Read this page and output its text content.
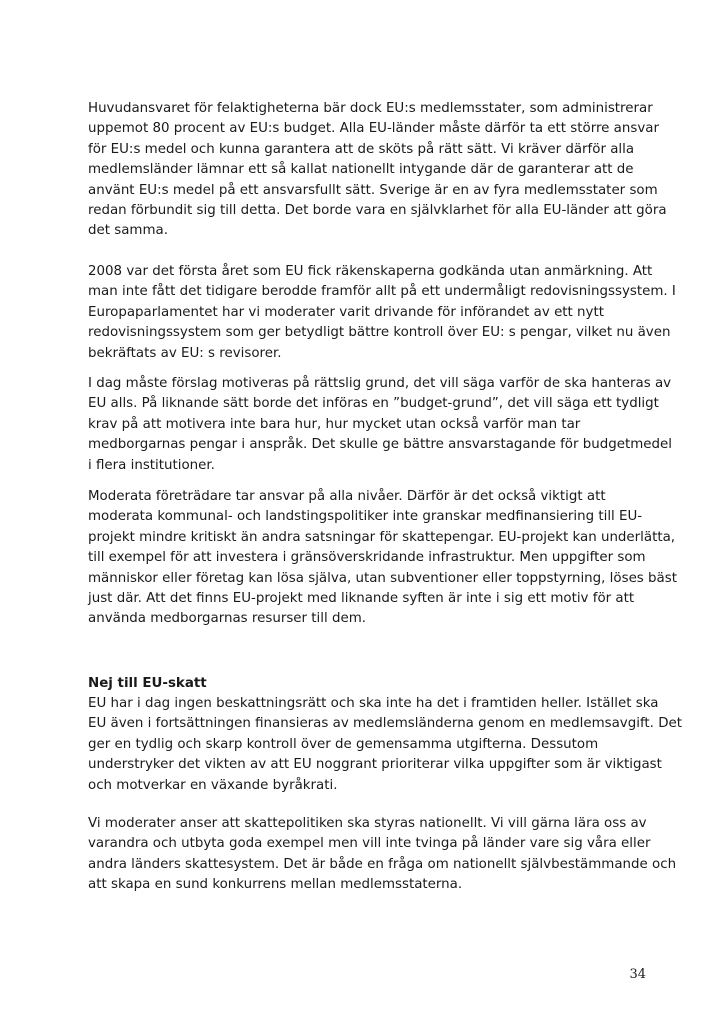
Huvudansvaret för felaktigheterna bär dock EU:s medlemsstater, som administrerar
uppemot 80 procent av EU:s budget. Alla EU-länder måste därför ta ett större ansvar
för EU:s medel och kunna garantera att de sköts på rätt sätt. Vi kräver därför alla
medlemsländer lämnar ett så kallat nationellt intygande där de garanterar att de
använt EU:s medel på ett ansvarsfullt sätt. Sverige är en av fyra medlemsstater som
redan förbundit sig till detta. Det borde vara en självklarhet för alla EU-länder att göra
det samma.

2008 var det första året som EU fick räkenskaperna godkända utan anmärkning. Att
man inte fått det tidigare berodde framför allt på ett undermåligt redovisningssystem. I
Europaparlamentet har vi moderater varit drivande för införandet av ett nytt
redovisningssystem som ger betydligt bättre kontroll över EU: s pengar, vilket nu även
bekräftats av EU: s revisorer.

I dag måste förslag motiveras på rättslig grund, det vill säga varför de ska hanteras av
EU alls. På liknande sätt borde det införas en ”budget-grund”, det vill säga ett tydligt
krav på att motivera inte bara hur, hur mycket utan också varför man tar
medborgarnas pengar i anspråk. Det skulle ge bättre ansvarstagande för budgetmedel
i flera institutioner.

Moderata företrädare tar ansvar på alla nivåer. Därför är det också viktigt att
moderata kommunal- och landstingspolitiker inte granskar medfinansiering till EU-
projekt mindre kritiskt än andra satsningar för skattepengar. EU-projekt kan underlätta,
till exempel för att investera i gränsöverskridande infrastruktur. Men uppgifter som
människor eller företag kan lösa själva, utan subventioner eller toppstyrning, löses bäst
just där. Att det finns EU-projekt med liknande syften är inte i sig ett motiv för att
använda medborgarnas resurser till dem.

Nej till EU-skatt

EU har i dag ingen beskattningsrätt och ska inte ha det i framtiden heller. Istället ska
EU även i fortsättningen finansieras av medlemsländerna genom en medlemsavgift. Det
ger en tydlig och skarp kontroll över de gemensamma utgifterna. Dessutom
understryker det vikten av att EU noggrant prioriterar vilka uppgifter som är viktigast
och motverkar en växande byråkrati.

Vi moderater anser att skattepolitiken ska styras nationellt. Vi vill gärna lära oss av
varandra och utbyta goda exempel men vill inte tvinga på länder vare sig våra eller
andra länders skattesystem. Det är både en fråga om nationellt självbestämmande och
att skapa en sund konkurrens mellan medlemsstaterna.

34
